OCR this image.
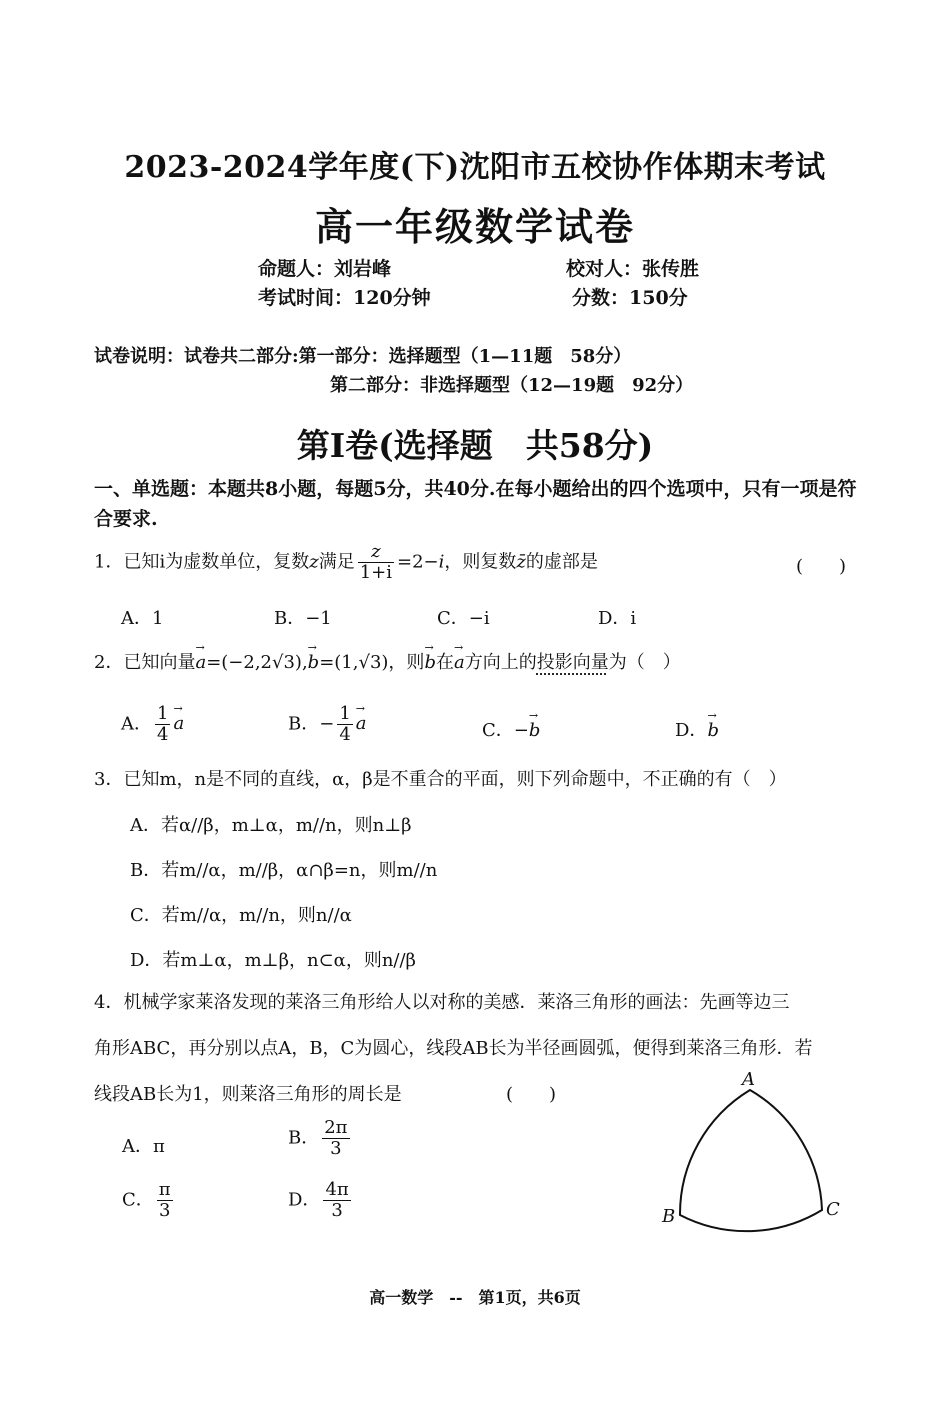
2023-2024学年度(下)沈阳市五校协作体期末考试
高一年级数学试卷
命题人：刘岩峰	校对人：张传胜
考试时间：120分钟	分数：150分
试卷说明：试卷共二部分:第一部分：选择题型（1—11题　58分）
第二部分：非选择题型（12—19题　92分）
第Ⅰ卷(选择题　共58分)
一、单选题：本题共8小题，每题5分，共40分.在每小题给出的四个选项中，只有一项是符合要求.
1．已知i为虚数单位，复数z满足 $\frac{z}{1+i} =2-i$，则复数z̄的虚部是	(　　)
A．1	B．−1	C．−i	D．i
2．已知向量→ a=(−2,2√3),→ b=(1,√3)，则→ b在→ a方向上的投影向量为（　）
A． $\frac{1}{4}$
→ a	B．− $\frac{1}{4}$
→ a	C．−→ b	D．→ b
3．已知m，n是不同的直线，α，β是不重合的平面，则下列命题中，不正确的有（　）
A．若α//β，m⊥α，m//n，则n⊥β
B．若m//α，m//β，α∩β=n，则m//n
C．若m//α，m//n，则n//α
D．若m⊥α，m⊥β，n⊂α，则n//β
4．机械学家莱洛发现的莱洛三角形给人以对称的美感．莱洛三角形的画法：先画等边三
角形ABC，再分别以点A，B，C为圆心，线段AB长为半径画圆弧，便得到莱洛三角形．若
线段AB长为1，则莱洛三角形的周长是	(　　)
A．π	B． $\frac{2\pi}{3}$
C． $\frac{\pi}{3}$	D． $\frac{4\pi}{3}$
A
B	C
高一数学　--　第1页，共6页
